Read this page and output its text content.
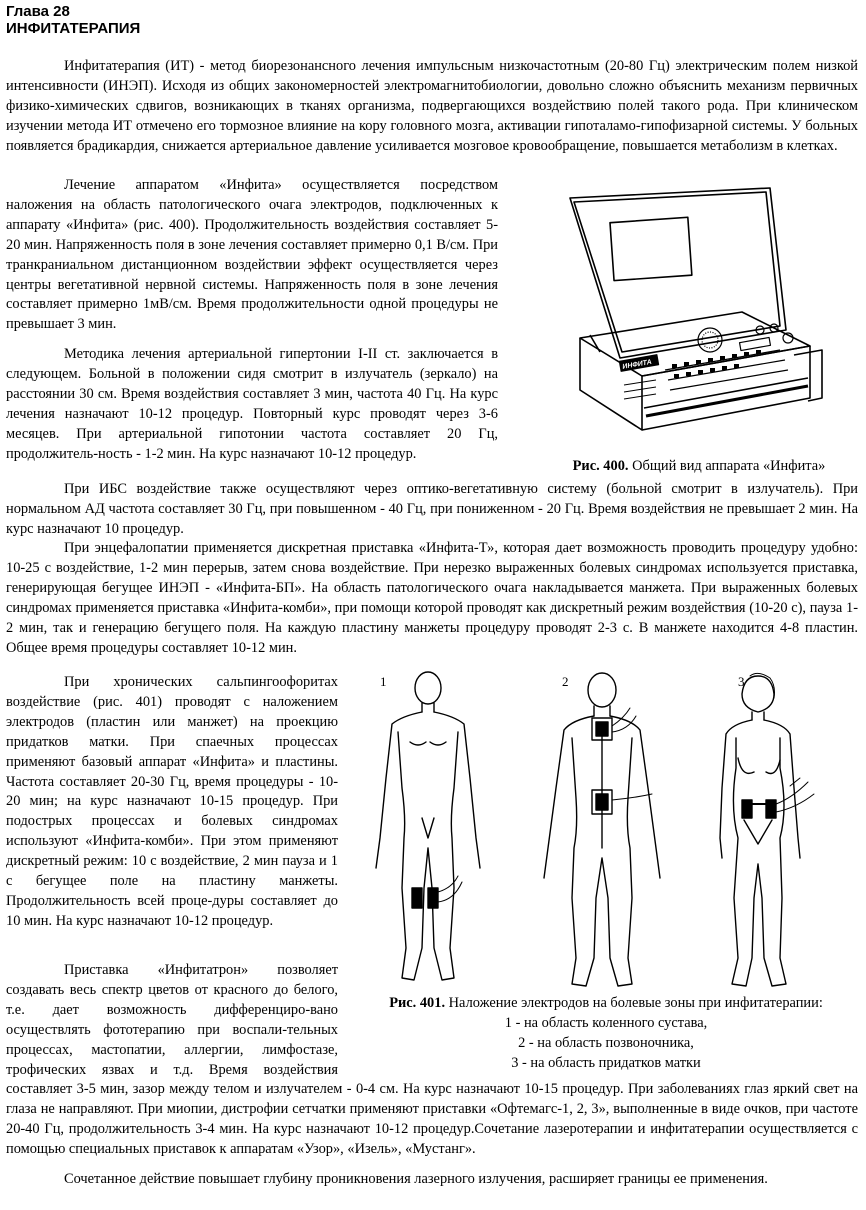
Глава 28
ИНФИТАТЕРАПИЯ

Инфитатерапия (ИТ) - метод биорезонансного лечения импульсным низкочастотным (20-80 Гц) электрическим полем низкой интенсивности (ИНЭП). Исходя из общих закономерностей электромагнитобиологии, довольно сложно объяснить механизм первичных физико-химических сдвигов, возникающих в тканях организма, подвергающихся воздействию полей такого рода. При клиническом изучении метода ИТ отмечено его тормозное влияние на кору головного мозга, активации гипоталамо-гипофизарной системы. У больных появляется брадикардия, снижается артериальное давление усиливается мозговое кровообращение, повышается метаболизм в клетках.

Лечение аппаратом «Инфита» осуществляется посредством наложения на область патологического очага электродов, подключенных к аппарату «Инфита» (рис. 400). Продолжительность воздействия составляет 5-20 мин. Напряженность поля в зоне лечения составляет примерно 0,1 В/см. При транкраниальном дистанционном воздействии эффект осуществляется через центры вегетативной нервной системы. Напряженность поля в зоне лечения составляет примерно 1мВ/см. Время продолжительности одной процедуры не превышает 3 мин.

Методика лечения артериальной гипертонии I-II ст. заключается в следующем. Больной в положении сидя смотрит в излучатель (зеркало) на расстоянии 30 см. Время воздействия составляет 3 мин, частота 40 Гц. На курс лечения назначают 10-12 процедур. Повторный курс проводят через 3-6 месяцев. При артериальной гипотонии частота составляет 20 Гц, продолжитель-ность - 1-2 мин. На курс назначают 10-12 процедур.

При ИБС воздействие также осуществляют через оптико-вегетативную систему (больной смотрит в излучатель). При нормальном АД частота составляет 30 Гц, при повышенном - 40 Гц, при пониженном - 20 Гц. Время воздействия не превышает 2 мин. На курс назначают 10 процедур.

При энцефалопатии применяется дискретная приставка «Инфита-Т», которая дает возможность проводить процедуру удобно: 10-25 с воздействие, 1-2 мин перерыв, затем снова воздействие. При нерезко выраженных болевых синдромах используется приставка, генерирующая бегущее ИНЭП - «Инфита-БП». На область патологического очага накладывается манжета. При выраженных болевых синдромах применяется приставка «Инфита-комби», при помощи которой проводят как дискретный режим воздействия (10-20 с), пауза 1-2 мин, так и генерацию бегущего поля. На каждую пластину манжеты процедуру проводят 2-3 с. В манжете находится 4-8 пластин. Общее время процедуры составляет 10-12 мин.

При хронических сальпингоофоритах воздействие (рис. 401) проводят с наложением электродов (пластин или манжет) на проекцию придатков матки. При спаечных процессах применяют базовый аппарат «Инфита» и пластины. Частота составляет 20-30 Гц, время процедуры - 10-20 мин; на курс назначают 10-15 процедур. При подострых процессах и болевых синдромах используют «Инфита-комби». При этом применяют дискретный режим: 10 с воздействие, 2 мин пауза и 1 с бегущее поле на пластину манжеты. Продолжительность всей проце-дуры составляет до 10 мин. На курс назначают 10-12 процедур.

Приставка «Инфитатрон» позволяет создавать весь спектр цветов от красного до белого, т.е. дает возможность дифференциро-вано осуществлять фототерапию при воспали-тельных процессах, мастопатии, аллергии, лимфостазе, трофических язвах и т.д. Время воздействия составляет 3-5 мин, зазор между телом и излучателем - 0-4 см. На курс назначают 10-15 процедур. При заболеваниях глаз яркий свет на глаза не направляют. При миопии, дистрофии сетчатки применяют приставки «Офтемагс-1, 2, 3», выполненные в виде очков, при частоте 20-40 Гц, продолжительность 3-4 мин. На курс назначают 10-12 процедур.Сочетание лазеротерапии и инфитатерапии осуществляется с помощью специальных приставок к аппаратам «Узор», «Изель», «Мустанг».

Сочетанное действие повышает глубину проникновения лазерного излучения, расширяет границы ее применения.

ИНФИТА
Рис. 400. Общий вид аппарата «Инфита»
1	2	3
Рис. 401. Наложение электродов на болевые зоны при инфитатерапии:
1 - на область коленного сустава,
2 - на область позвоночника,
3 - на область придатков матки
